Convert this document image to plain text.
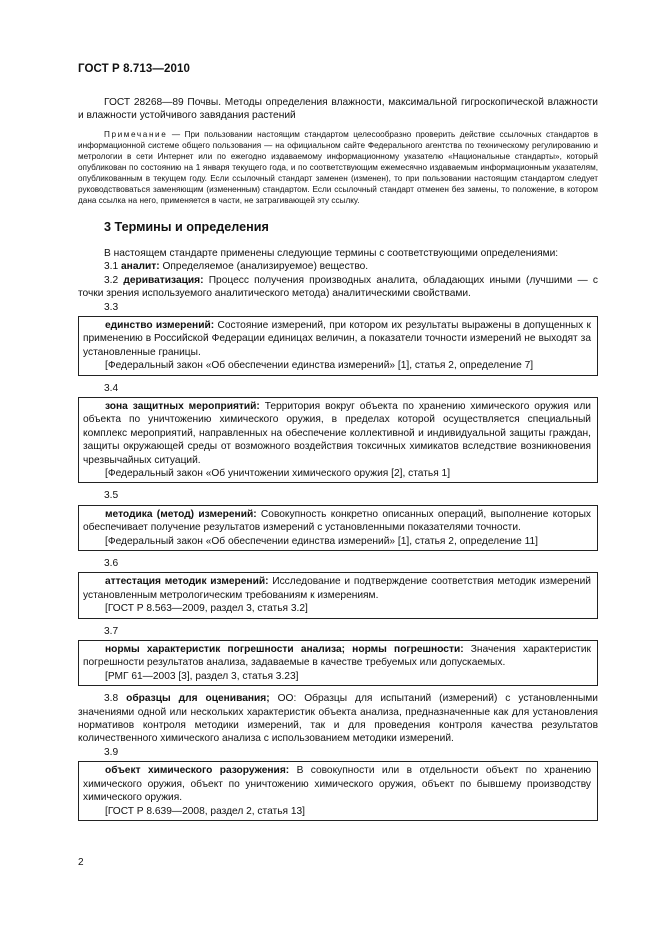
ГОСТ Р 8.713—2010

ГОСТ 28268—89 Почвы. Методы определения влажности, максимальной гигроскопической влажности и влажности устойчивого завядания растений

Примечание — При пользовании настоящим стандартом целесообразно проверить действие ссылочных стандартов в информационной системе общего пользования — на официальном сайте Федерального агентства по техническому регулированию и метрологии в сети Интернет или по ежегодно издаваемому информационному указателю «Национальные стандарты», который опубликован по состоянию на 1 января текущего года, и по соответствующим ежемесячно издаваемым информационным указателям, опубликованным в текущем году. Если ссылочный стандарт заменен (изменен), то при пользовании настоящим стандартом следует руководствоваться заменяющим (измененным) стандартом. Если ссылочный стандарт отменен без замены, то положение, в котором дана ссылка на него, применяется в части, не затрагивающей эту ссылку.

3 Термины и определения

В настоящем стандарте применены следующие термины с соответствующими определениями:

3.1 аналит: Определяемое (анализируемое) вещество.

3.2 дериватизация: Процесс получения производных аналита, обладающих иными (лучшими — с точки зрения используемого аналитического метода) аналитическими свойствами.

3.3

единство измерений: Состояние измерений, при котором их результаты выражены в допущенных к применению в Российской Федерации единицах величин, а показатели точности измерений не выходят за установленные границы.

[Федеральный закон «Об обеспечении единства измерений» [1], статья 2, определение 7]
3.4

зона защитных мероприятий: Территория вокруг объекта по хранению химического оружия или объекта по уничтожению химического оружия, в пределах которой осуществляется специальный комплекс мероприятий, направленных на обеспечение коллективной и индивидуальной защиты граждан, защиты окружающей среды от возможного воздействия токсичных химикатов вследствие возникновения чрезвычайных ситуаций.

[Федеральный закон «Об уничтожении химического оружия [2], статья 1]
3.5

методика (метод) измерений: Совокупность конкретно описанных операций, выполнение которых обеспечивает получение результатов измерений с установленными показателями точности.

[Федеральный закон «Об обеспечении единства измерений» [1], статья 2, определение 11]
3.6

аттестация методик измерений: Исследование и подтверждение соответствия методик измерений установленным метрологическим требованиям к измерениям.

[ГОСТ Р 8.563—2009, раздел 3, статья 3.2]
3.7

нормы характеристик погрешности анализа; нормы погрешности: Значения характеристик погрешности результатов анализа, задаваемые в качестве требуемых или допускаемых.

[РМГ 61—2003 [3], раздел 3, статья 3.23]

3.8 образцы для оценивания; ОО: Образцы для испытаний (измерений) с установленными значениями одной или нескольких характеристик объекта анализа, предназначенные как для установления нормативов контроля методики измерений, так и для проведения контроля качества результатов количественного химического анализа с использованием методики измерений.

3.9

объект химического разоружения: В совокупности или в отдельности объект по хранению химического оружия, объект по уничтожению химического оружия, объект по бывшему производству химического оружия.

[ГОСТ Р 8.639—2008, раздел 2, статья 13]
2
